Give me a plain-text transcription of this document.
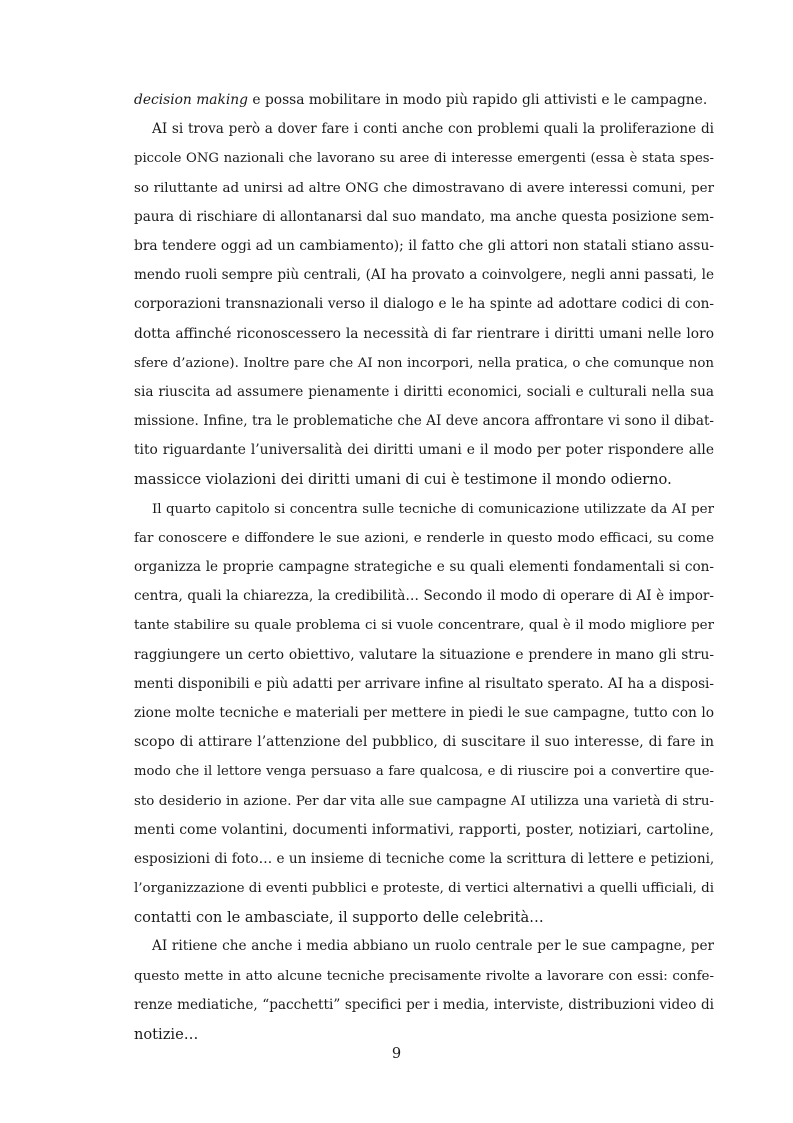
decision making e possa mobilitare in modo più rapido gli attivisti e le campagne.
AI si trova però a dover fare i conti anche con problemi quali la proliferazione di
piccole ONG nazionali che lavorano su aree di interesse emergenti (essa è stata spes-
so riluttante ad unirsi ad altre ONG che dimostravano di avere interessi comuni, per
paura di rischiare di allontanarsi dal suo mandato, ma anche questa posizione sem-
bra tendere oggi ad un cambiamento); il fatto che gli attori non statali stiano assu-
mendo ruoli sempre più centrali, (AI ha provato a coinvolgere, negli anni passati, le
corporazioni transnazionali verso il dialogo e le ha spinte ad adottare codici di con-
dotta affinché riconoscessero la necessità di far rientrare i diritti umani nelle loro
sfere d’azione). Inoltre pare che AI non incorpori, nella pratica, o che comunque non
sia riuscita ad assumere pienamente i diritti economici, sociali e culturali nella sua
missione. Infine, tra le problematiche che AI deve ancora affrontare vi sono il dibat-
tito riguardante l’universalità dei diritti umani e il modo per poter rispondere alle
massicce violazioni dei diritti umani di cui è testimone il mondo odierno.
Il quarto capitolo si concentra sulle tecniche di comunicazione utilizzate da AI per
far conoscere e diffondere le sue azioni, e renderle in questo modo efficaci, su come
organizza le proprie campagne strategiche e su quali elementi fondamentali si con-
centra, quali la chiarezza, la credibilità… Secondo il modo di operare di AI è impor-
tante stabilire su quale problema ci si vuole concentrare, qual è il modo migliore per
raggiungere un certo obiettivo, valutare la situazione e prendere in mano gli stru-
menti disponibili e più adatti per arrivare infine al risultato sperato. AI ha a disposi-
zione molte tecniche e materiali per mettere in piedi le sue campagne, tutto con lo
scopo di attirare l’attenzione del pubblico, di suscitare il suo interesse, di fare in
modo che il lettore venga persuaso a fare qualcosa, e di riuscire poi a convertire que-
sto desiderio in azione. Per dar vita alle sue campagne AI utilizza una varietà di stru-
menti come volantini, documenti informativi, rapporti, poster, notiziari, cartoline,
esposizioni di foto… e un insieme di tecniche come la scrittura di lettere e petizioni,
l’organizzazione di eventi pubblici e proteste, di vertici alternativi a quelli ufficiali, di
contatti con le ambasciate, il supporto delle celebrità…
AI ritiene che anche i media abbiano un ruolo centrale per le sue campagne, per
questo mette in atto alcune tecniche precisamente rivolte a lavorare con essi: confe-
renze mediatiche, “pacchetti” specifici per i media, interviste, distribuzioni video di
notizie…
9
